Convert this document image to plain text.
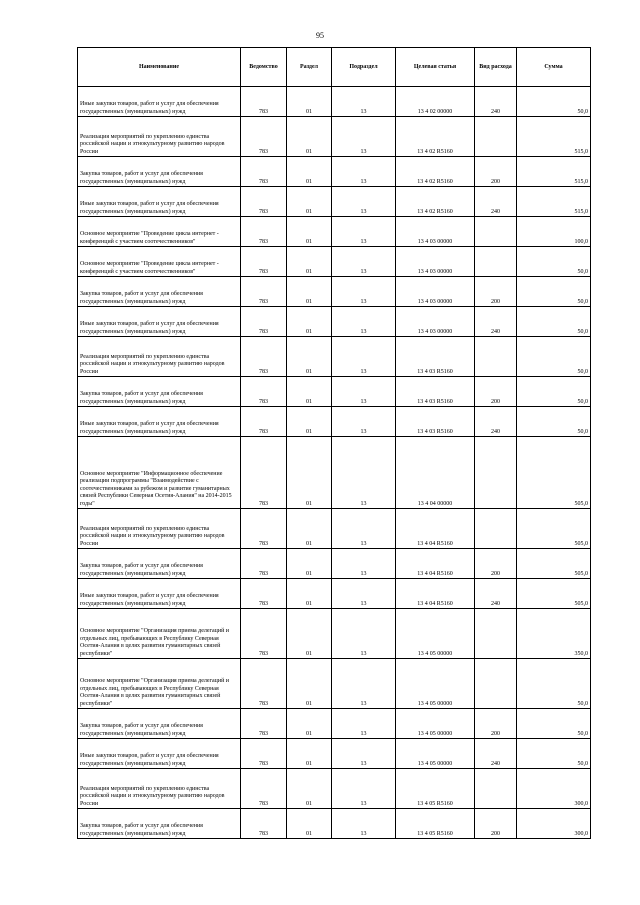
95
Наименование	Ведомство	Раздел	Подраздел	Целевая статья	Вид расхода	Сумма
Иные закупки товаров, работ и услуг для обеспечения государственных (муниципальных) нужд	783	01	13	13 4 02 00000	240	50,0
Реализация мероприятий по укреплению единства российской нации и этнокультурному развитию народов России	783	01	13	13 4 02 R5160		515,0
Закупка товаров, работ и услуг для обеспечения государственных (муниципальных) нужд	783	01	13	13 4 02 R5160	200	515,0
Иные закупки товаров, работ и услуг для обеспечения государственных (муниципальных) нужд	783	01	13	13 4 02 R5160	240	515,0
Основное мероприятие "Проведение цикла интернет - конференций с участием соотечественников"	783	01	13	13 4 03 00000		100,0
Основное мероприятие "Проведение цикла интернет - конференций с участием соотечественников"	783	01	13	13 4 03 00000		50,0
Закупка товаров, работ и услуг для обеспечения государственных (муниципальных) нужд	783	01	13	13 4 03 00000	200	50,0
Иные закупки товаров, работ и услуг для обеспечения государственных (муниципальных) нужд	783	01	13	13 4 03 00000	240	50,0
Реализация мероприятий по укреплению единства российской нации и этнокультурному развитию народов России	783	01	13	13 4 03 R5160		50,0
Закупка товаров, работ и услуг для обеспечения государственных (муниципальных) нужд	783	01	13	13 4 03 R5160	200	50,0
Иные закупки товаров, работ и услуг для обеспечения государственных (муниципальных) нужд	783	01	13	13 4 03 R5160	240	50,0
Основное мероприятие "Информационное обеспечение реализации подпрограммы "Взаимодействие с соотечественниками за рубежом и развитие гуманитарных связей Республики Северная Осетия-Алания" на 2014-2015 годы"	783	01	13	13 4 04 00000		505,0
Реализация мероприятий по укреплению единства российской нации и этнокультурному развитию народов России	783	01	13	13 4 04 R5160		505,0
Закупка товаров, работ и услуг для обеспечения государственных (муниципальных) нужд	783	01	13	13 4 04 R5160	200	505,0
Иные закупки товаров, работ и услуг для обеспечения государственных (муниципальных) нужд	783	01	13	13 4 04 R5160	240	505,0
Основное мероприятие "Организация приема делегаций и отдельных лиц, пребывающих в Республику Северная Осетия-Алания в целях развития гуманитарных связей республики"	783	01	13	13 4 05 00000		350,0
Основное мероприятие "Организация приема делегаций и отдельных лиц, пребывающих в Республику Северная Осетия-Алания в целях развития гуманитарных связей республики"	783	01	13	13 4 05 00000		50,0
Закупка товаров, работ и услуг для обеспечения государственных (муниципальных) нужд	783	01	13	13 4 05 00000	200	50,0
Иные закупки товаров, работ и услуг для обеспечения государственных (муниципальных) нужд	783	01	13	13 4 05 00000	240	50,0
Реализация мероприятий по укреплению единства российской нации и этнокультурному развитию народов России	783	01	13	13 4 05 R5160		300,0
Закупка товаров, работ и услуг для обеспечения государственных (муниципальных) нужд	783	01	13	13 4 05 R5160	200	300,0
